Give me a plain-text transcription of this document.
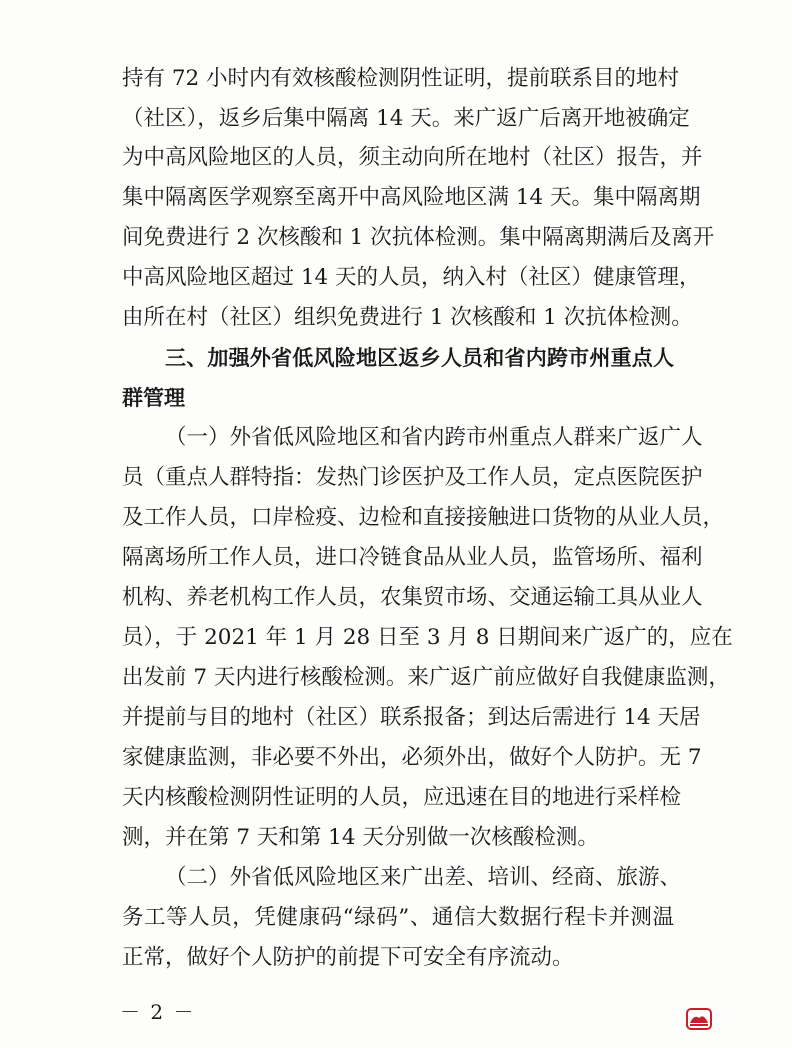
持有 72 小时内有效核酸检测阴性证明，提前联系目的地村
（社区），返乡后集中隔离 14 天。来广返广后离开地被确定
为中高风险地区的人员，须主动向所在地村（社区）报告，并
集中隔离医学观察至离开中高风险地区满 14 天。集中隔离期
间免费进行 2 次核酸和 1 次抗体检测。集中隔离期满后及离开
中高风险地区超过 14 天的人员，纳入村（社区）健康管理，
由所在村（社区）组织免费进行 1 次核酸和 1 次抗体检测。
三、加强外省低风险地区返乡人员和省内跨市州重点人
群管理
（一）外省低风险地区和省内跨市州重点人群来广返广人
员（重点人群特指：发热门诊医护及工作人员，定点医院医护
及工作人员，口岸检疫、边检和直接接触进口货物的从业人员，
隔离场所工作人员，进口冷链食品从业人员，监管场所、福利
机构、养老机构工作人员，农集贸市场、交通运输工具从业人
员），于 2021 年 1 月 28 日至 3 月 8 日期间来广返广的，应在
出发前 7 天内进行核酸检测。来广返广前应做好自我健康监测，
并提前与目的地村（社区）联系报备；到达后需进行 14 天居
家健康监测，非必要不外出，必须外出，做好个人防护。无 7
天内核酸检测阴性证明的人员，应迅速在目的地进行采样检
测，并在第 7 天和第 14 天分别做一次核酸检测。
（二）外省低风险地区来广出差、培训、经商、旅游、
务工等人员，凭健康码“绿码”、通信大数据行程卡并测温
正常，做好个人防护的前提下可安全有序流动。
－ 2 －
